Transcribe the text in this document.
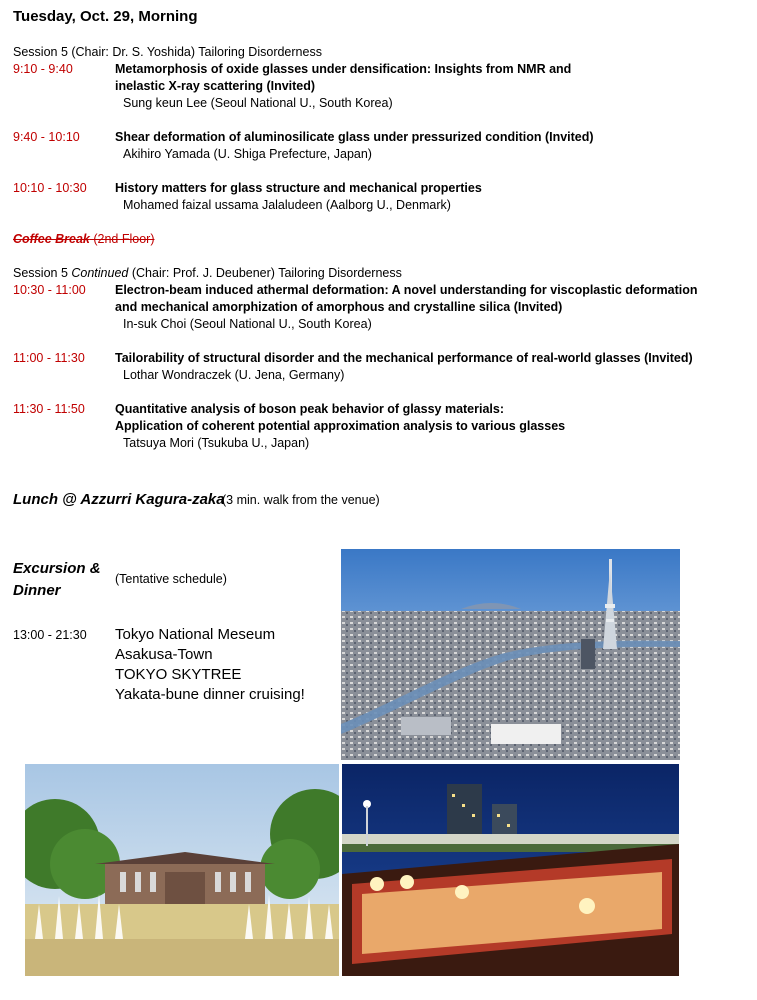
Tuesday, Oct. 29, Morning
Session 5 (Chair: Dr. S. Yoshida) Tailoring Disorderness
9:10 - 9:40	Metamorphosis of oxide glasses under densification: Insights from NMR and
inelastic X-ray scattering (Invited)
Sung keun Lee (Seoul National U., South Korea)
9:40 - 10:10	Shear deformation of aluminosilicate glass under pressurized condition (Invited)
Akihiro Yamada (U. Shiga Prefecture, Japan)
10:10 - 10:30 History matters for glass structure and mechanical properties
Mohamed faizal ussama Jalaludeen (Aalborg U., Denmark)
Coffee Break (2nd Floor)
Session 5 Continued (Chair: Prof. J. Deubener) Tailoring Disorderness
10:30 - 11:00 Electron-beam induced athermal deformation: A novel understanding for viscoplastic deformation
and mechanical amorphization of amorphous and crystalline silica (Invited)
In-suk Choi (Seoul National U., South Korea)
11:00 - 11:30 Tailorability of structural disorder and the mechanical performance of real-world glasses (Invited)
Lothar Wondraczek (U. Jena, Germany)
11:30 - 11:50 Quantitative analysis of boson peak behavior of glassy materials:
Application of coherent potential approximation analysis to various glasses
Tatsuya Mori (Tsukuba U., Japan)
Lunch @ Azzurri Kagura-zaka
(3 min. walk from the venue)
Excursion &
Dinner
(Tentative schedule)
13:00 - 21:30 Tokyo National Meseum
Asakusa-Town
TOKYO SKYTREE
Yakata-bune dinner cruising!
